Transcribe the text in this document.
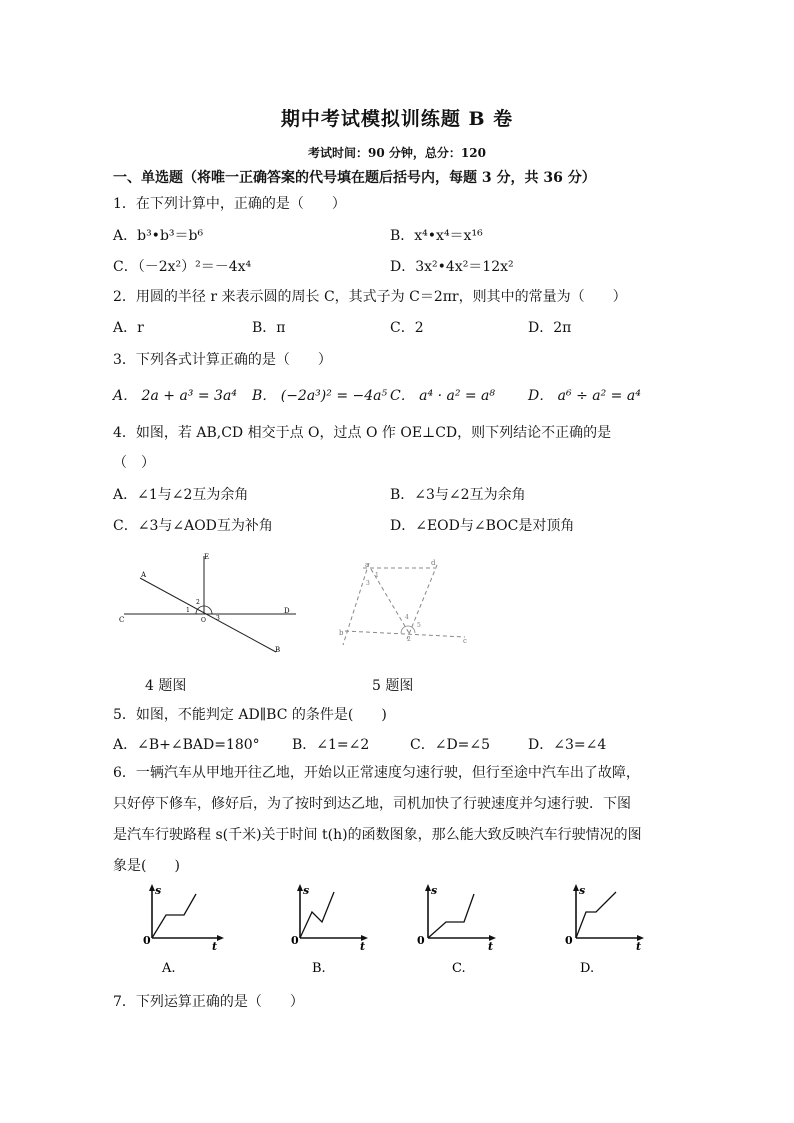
期中考试模拟训练题 B 卷
考试时间：90 分钟，总分：120
一、单选题（将唯一正确答案的代号填在题后括号内，每题 3 分，共 36 分）
1．在下列计算中，正确的是（　　）
A．b³•b³＝b⁶	B．x⁴•x⁴＝x¹⁶
C．（－2x²）²＝－4x⁴	D．3x²•4x²＝12x²
2．用圆的半径 r 来表示圆的周长 C，其式子为 C＝2πr，则其中的常量为（　　）
A．r	B．π	C．2	D．2π
3．下列各式计算正确的是（　　）
A． 2a + a³ = 3a⁴ B． (−2a³)² = −4a⁵ C． a⁴ · a² = a⁸ D． a⁶ ÷ a² = a⁴
4．如图，若 AB,CD 相交于点 O，过点 O 作 OE⊥CD，则下列结论不正确的是
（　）
A．∠1与∠2互为余角	B．∠3与∠2互为余角
C．∠3与∠AOD互为补角	D．∠EOD与∠BOC是对顶角
A
B
C
D
E
O
1
2
3
4 题图
a	d
b
c
3
1
4
5
2
5 题图
5．如图，不能判定 AD∥BC 的条件是(　　)
A．∠B+∠BAD=180° B．∠1=∠2	C．∠D=∠5	D．∠3=∠4
6．一辆汽车从甲地开往乙地，开始以正常速度匀速行驶，但行至途中汽车出了故障，
只好停下修车，修好后，为了按时到达乙地，司机加快了行驶速度并匀速行驶．下图
是汽车行驶路程 s(千米)关于时间 t(h)的函数图象，那么能大致反映汽车行驶情况的图
象是(　　)
s
t
0
A.
s
t
0
B.
s
t
0
C.
s
t
0
D.
7．下列运算正确的是（　　）
